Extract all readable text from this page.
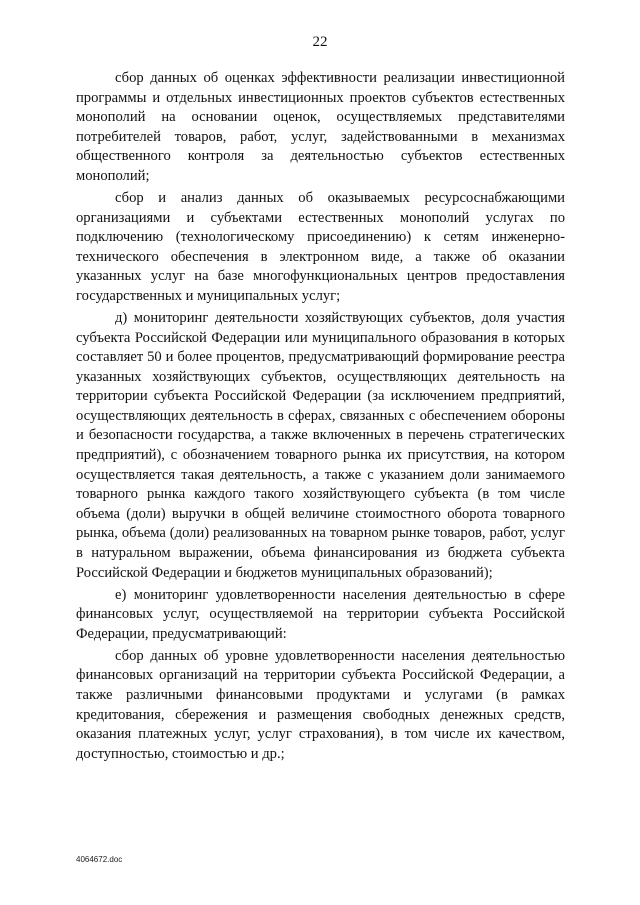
22

сбор данных об оценках эффективности реализации инвестиционной программы и отдельных инвестиционных проектов субъектов естественных монополий на основании оценок, осуществляемых представителями потребителей товаров, работ, услуг, задействованными в механизмах общественного контроля за деятельностью субъектов естественных монополий;

сбор и анализ данных об оказываемых ресурсоснабжающими организациями и субъектами естественных монополий услугах по подключению (технологическому присоединению) к сетям инженерно-технического обеспечения в электронном виде, а также об оказании указанных услуг на базе многофункциональных центров предоставления государственных и муниципальных услуг;

д) мониторинг деятельности хозяйствующих субъектов, доля участия субъекта Российской Федерации или муниципального образования в которых составляет 50 и более процентов, предусматривающий формирование реестра указанных хозяйствующих субъектов, осуществляющих деятельность на территории субъекта Российской Федерации (за исключением предприятий, осуществляющих деятельность в сферах, связанных с обеспечением обороны и безопасности государства, а также включенных в перечень стратегических предприятий), с обозначением товарного рынка их присутствия, на котором осуществляется такая деятельность, а также с указанием доли занимаемого товарного рынка каждого такого хозяйствующего субъекта (в том числе объема (доли) выручки в общей величине стоимостного оборота товарного рынка, объема (доли) реализованных на товарном рынке товаров, работ, услуг в натуральном выражении, объема финансирования из бюджета субъекта Российской Федерации и бюджетов муниципальных образований);

е) мониторинг удовлетворенности населения деятельностью в сфере финансовых услуг, осуществляемой на территории субъекта Российской Федерации, предусматривающий:

сбор данных об уровне удовлетворенности населения деятельностью финансовых организаций на территории субъекта Российской Федерации, а также различными финансовыми продуктами и услугами (в рамках кредитования, сбережения и размещения свободных денежных средств, оказания платежных услуг, услуг страхования), в том числе их качеством, доступностью, стоимостью и др.;

4064672.doc
